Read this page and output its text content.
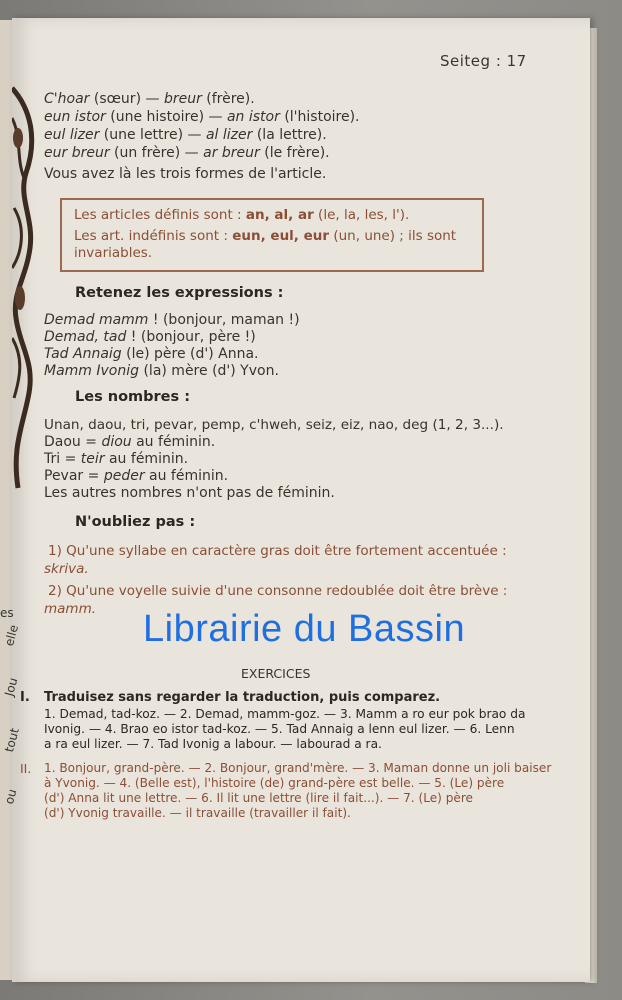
es
elle
Jou
tout
ou
Seiteg : 17
C'hoar (sœur) — breur (frère).
eun istor (une histoire) — an istor (l'histoire).
eul lizer (une lettre) — al lizer (la lettre).
eur breur (un frère) — ar breur (le frère).
Vous avez là les trois formes de l'article.
Les articles définis sont : an, al, ar (le, la, les, l').
Les art. indéfinis sont : eun, eul, eur (un, une) ; ils sont
invariables.
Retenez les expressions :
Demad mamm ! (bonjour, maman !)
Demad, tad ! (bonjour, père !)
Tad Annaig (le) père (d') Anna.
Mamm Ivonig (la) mère (d') Yvon.
Les nombres :
Unan, daou, tri, pevar, pemp, c'hweh, seiz, eiz, nao, deg (1, 2, 3...).
Daou = diou au féminin.
Tri = teir au féminin.
Pevar = peder au féminin.
Les autres nombres n'ont pas de féminin.
N'oubliez pas :
1) Qu'une syllabe en caractère gras doit être fortement accentuée :
skriva.
2) Qu'une voyelle suivie d'une consonne redoublée doit être brève :
mamm. Librairie du Bassin
EXERCICES
I. Traduisez sans regarder la traduction, puis comparez.
1. Demad, tad-koz. — 2. Demad, mamm-goz. — 3. Mamm a ro eur pok brao da
Ivonig. — 4. Brao eo istor tad-koz. — 5. Tad Annaig a lenn eul lizer. — 6. Lenn
a ra eul lizer. — 7. Tad Ivonig a labour. — labourad a ra.
II. 1. Bonjour, grand-père. — 2. Bonjour, grand'mère. — 3. Maman donne un joli baiser
à Yvonig. — 4. (Belle est), l'histoire (de) grand-père est belle. — 5. (Le) père
(d') Anna lit une lettre. — 6. Il lit une lettre (lire il fait...). — 7. (Le) père
(d') Yvonig travaille. — il travaille (travailler il fait).
